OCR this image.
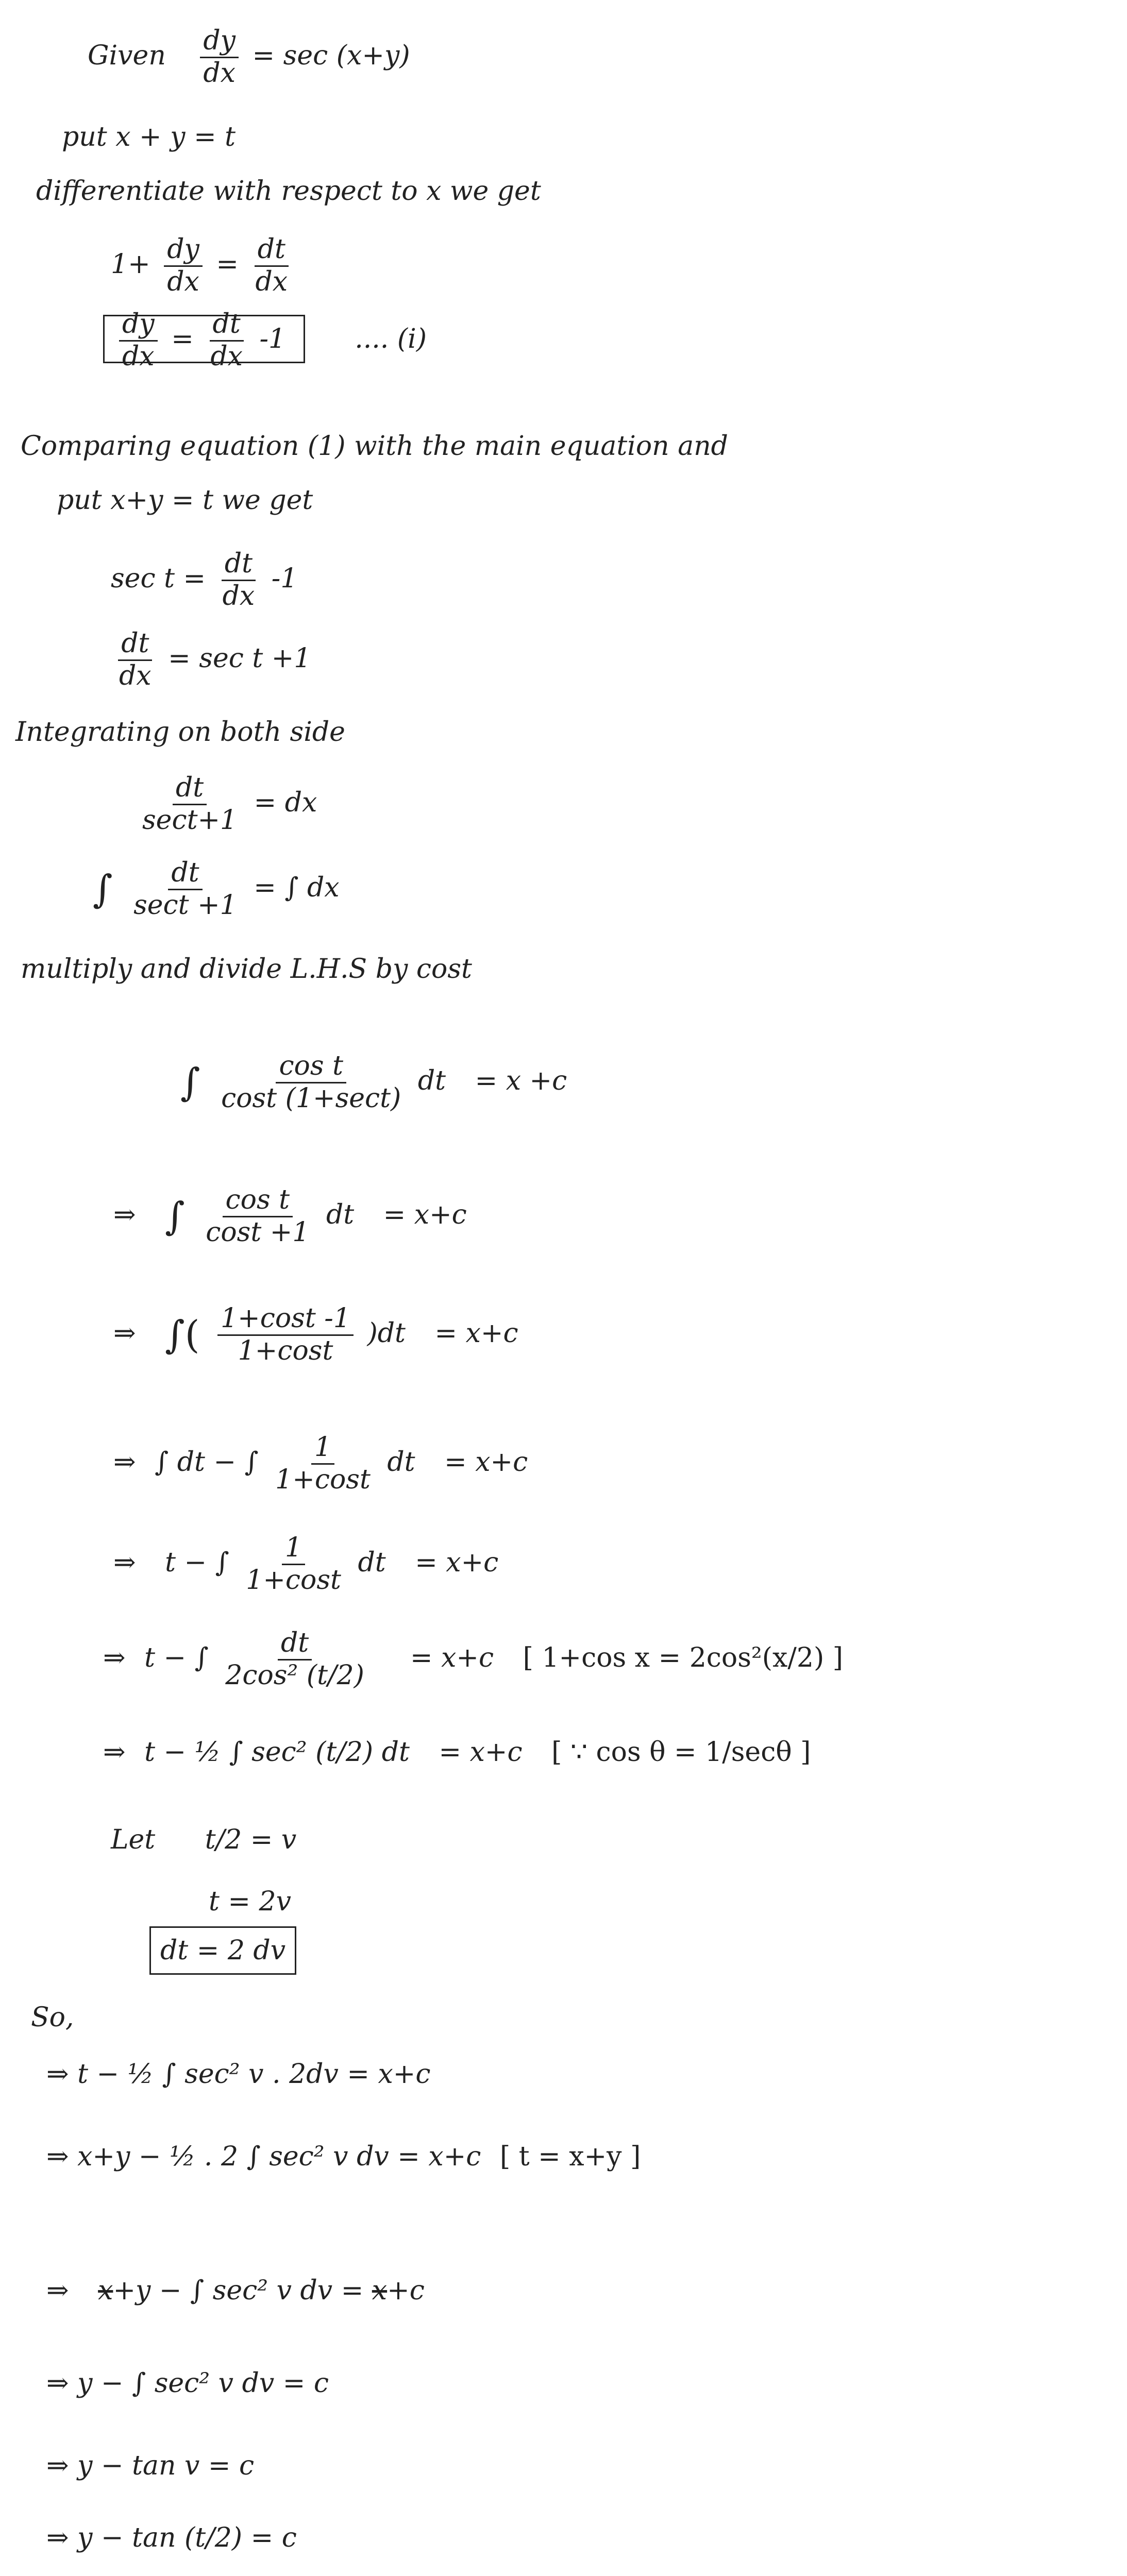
Given $\frac{dy}{dx} = \sec (x+y)$
put x + y = t
differentiate with respect to x we get
$1+ \frac{dy}{dx} = \frac{dt}{dx}$
$\frac{dy}{dx} = \frac{dt}{dx} -1$	.... (i)
Comparing equation (1) with the main equation and
put x+y = t we get
$\sec t = \frac{dt}{dx} -1$
$\frac{dt}{dx} = \sec t +1$
Integrating on both side
$\frac{dt}{\sec t+1}$ = dx
∫ $\frac{dt}{\sec t +1}$ = ∫ dx
multiply and divide L.H.S by cost
∫ $\frac{\text{cos t}}{\cos t (1+\sec t)}$ dt = x +c
⇒ ∫ $\frac{\text{cos t}}{\cos t +1}$ dt = x+c
⇒ ∫( $\frac{1+\cos t -1}{1+\cos t} )dt = x+c$
⇒ ∫ dt − ∫ $\frac{1}{1+\cos t}$ dt = x+c
⇒ t − ∫ $\frac{1}{1+\cos t}$ dt = x+c
⇒ t − ∫ $\frac{dt}{\text{2cos² (t/2)}} = x+c$ [ 1+cos x = 2cos²(x/2) ]
⇒ t − ½ ∫ sec² (t/2) dt = x+c [ ∵ cos θ = 1/secθ ]
Let t/2 = v
t = 2v
dt = 2 dv
So,
⇒ t − ½ ∫ sec² v . 2dv = x+c
⇒ x+y − ½ . 2 ∫ sec² v dv = x+c [ t = x+y ]
⇒ x+y − ∫ sec² v dv = x+c
⇒ y − ∫ sec² v dv = c
⇒ y − tan v = c
⇒ y − tan (t/2) = c
